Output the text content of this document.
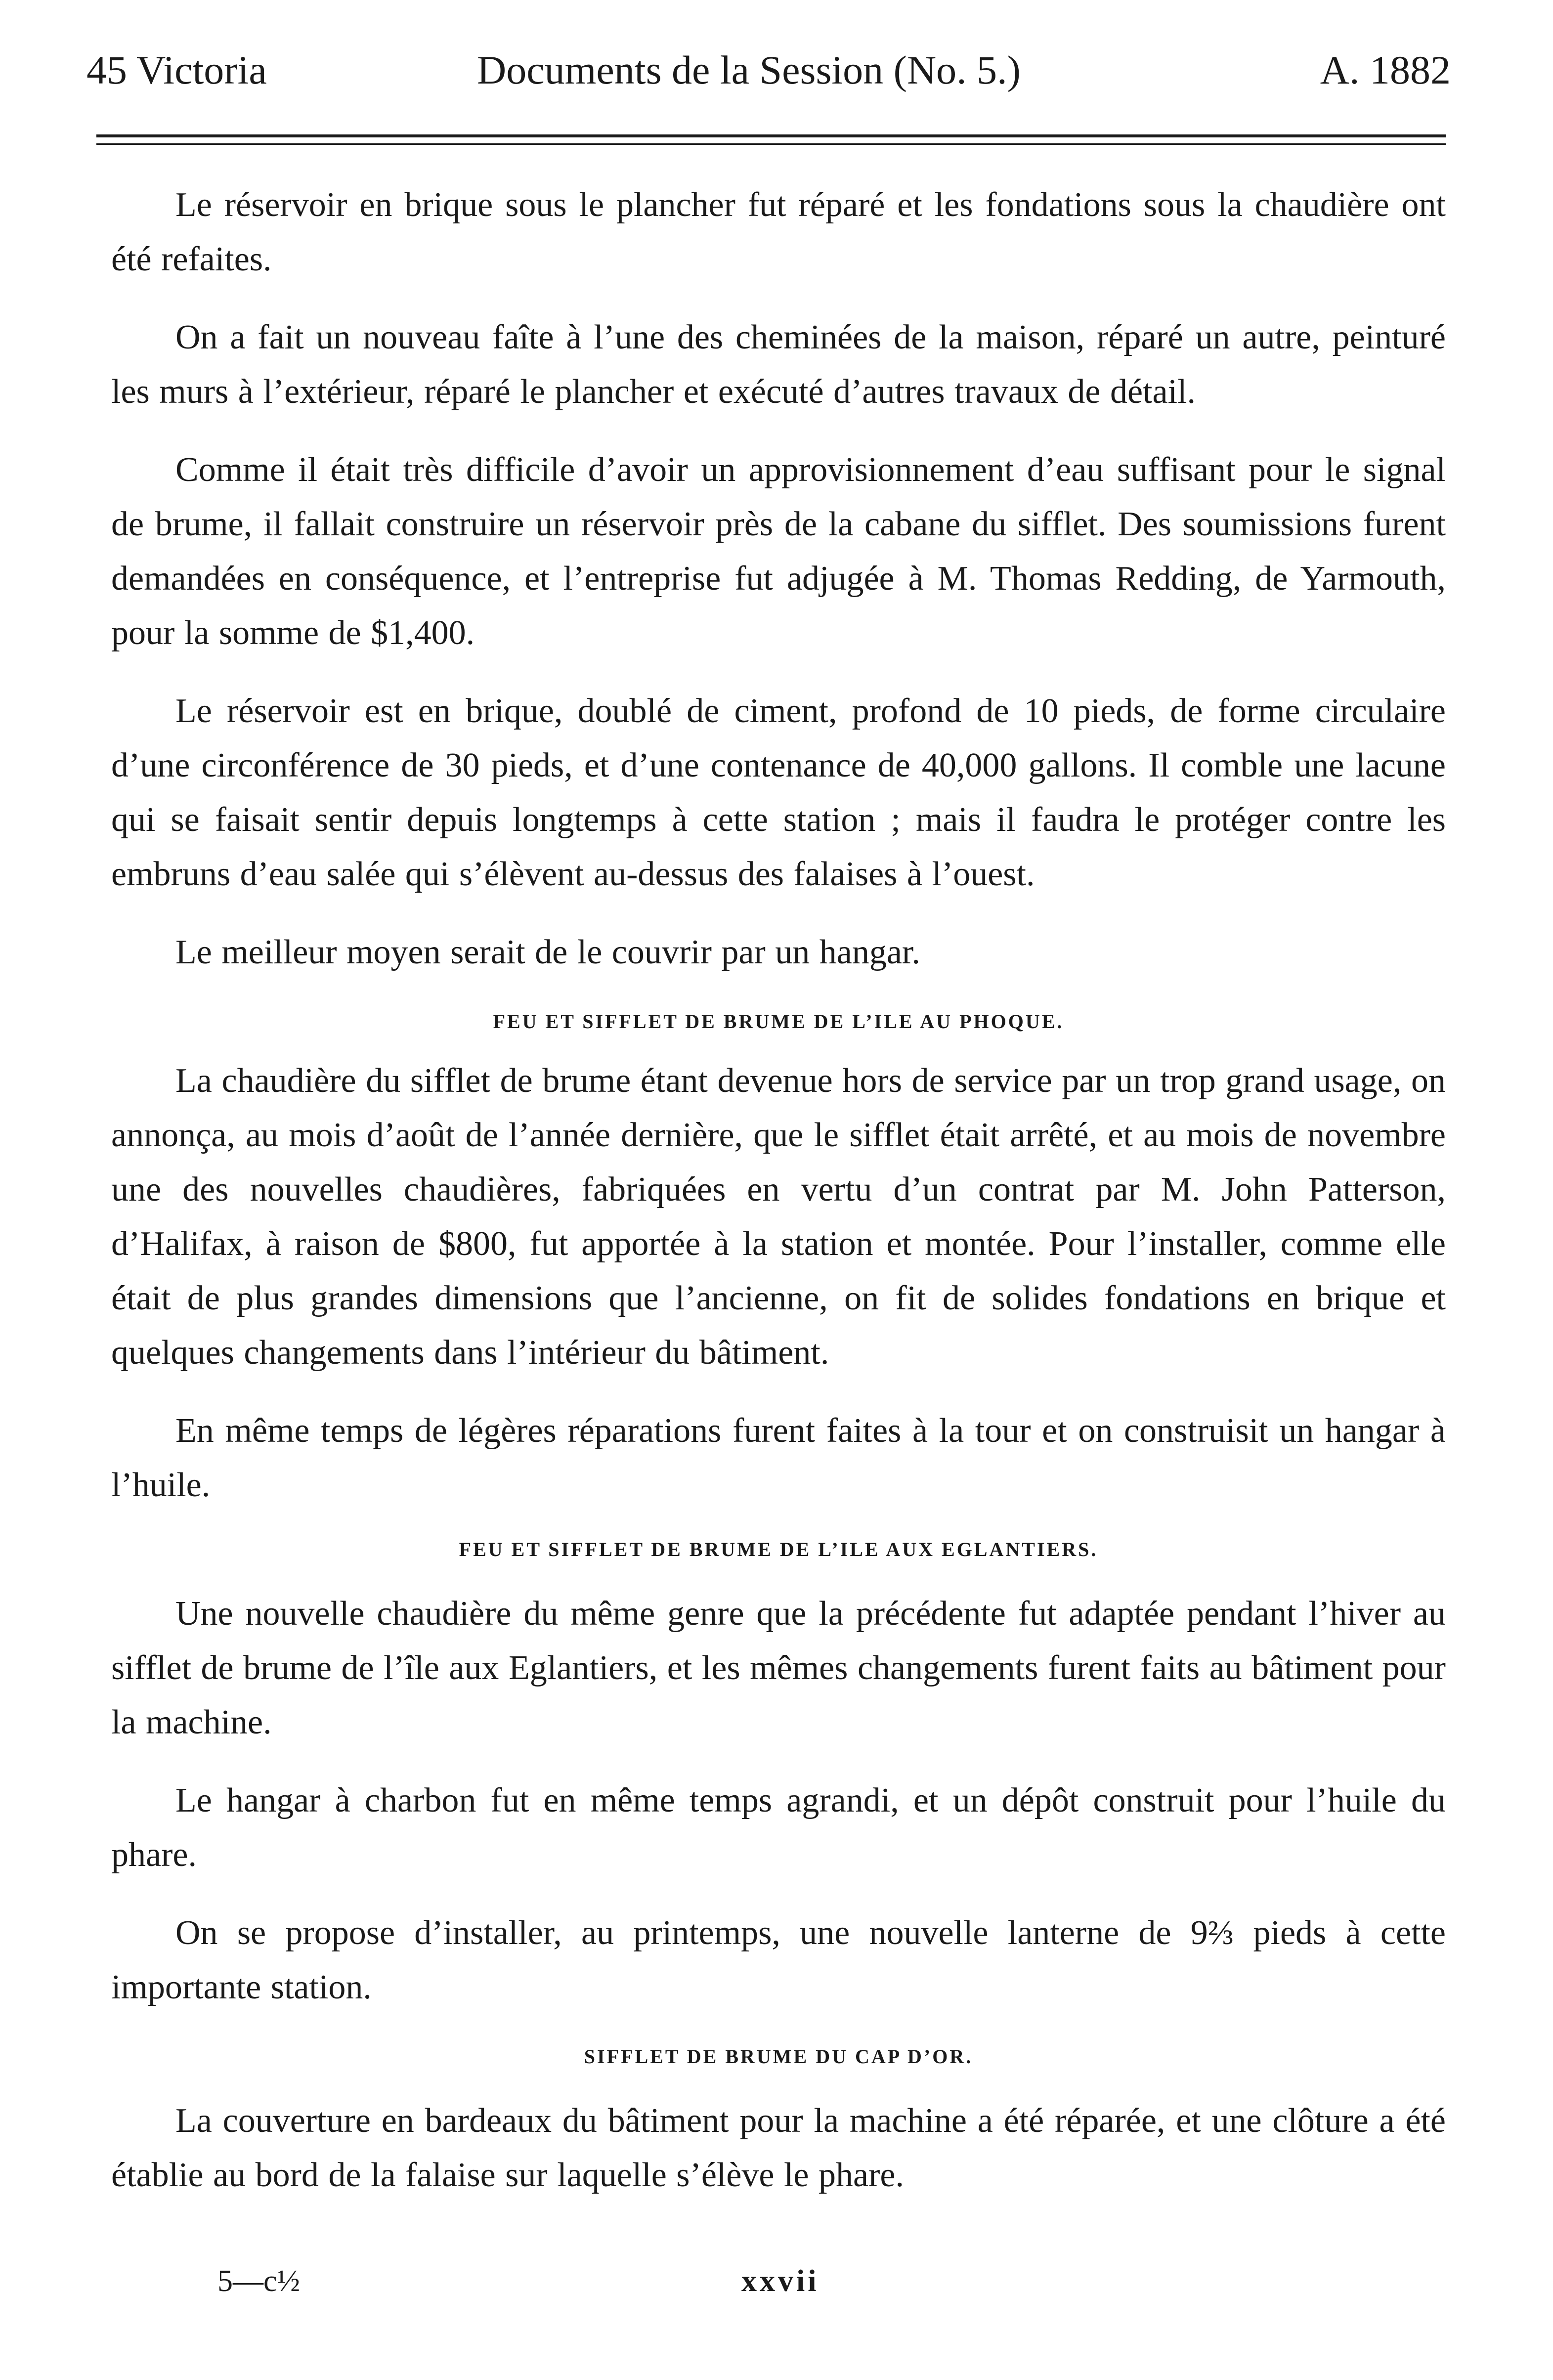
45 Victoria	Documents de la Session (No. 5.)	A. 1882

Le réservoir en brique sous le plancher fut réparé et les fondations sous la chaudière ont été refaites.

On a fait un nouveau faîte à l’une des cheminées de la maison, réparé un autre, peinturé les murs à l’extérieur, réparé le plancher et exécuté d’autres travaux de détail.

Comme il était très difficile d’avoir un approvisionnement d’eau suffisant pour le signal de brume, il fallait construire un réservoir près de la cabane du sifflet. Des soumissions furent demandées en conséquence, et l’entreprise fut adjugée à M. Thomas Redding, de Yarmouth, pour la somme de $1,400.

Le réservoir est en brique, doublé de ciment, profond de 10 pieds, de forme circulaire d’une circonférence de 30 pieds, et d’une contenance de 40,000 gallons. Il comble une lacune qui se faisait sentir depuis longtemps à cette station ; mais il faudra le protéger contre les embruns d’eau salée qui s’élèvent au-dessus des falaises à l’ouest.

Le meilleur moyen serait de le couvrir par un hangar.

FEU ET SIFFLET DE BRUME DE L’ILE AU PHOQUE.

La chaudière du sifflet de brume étant devenue hors de service par un trop grand usage, on annonça, au mois d’août de l’année dernière, que le sifflet était arrêté, et au mois de novembre une des nouvelles chaudières, fabriquées en vertu d’un contrat par M. John Patterson, d’Halifax, à raison de $800, fut apportée à la station et montée. Pour l’installer, comme elle était de plus grandes dimensions que l’ancienne, on fit de solides fondations en brique et quelques changements dans l’intérieur du bâtiment.

En même temps de légères réparations furent faites à la tour et on construisit un hangar à l’huile.

FEU ET SIFFLET DE BRUME DE L’ILE AUX EGLANTIERS.

Une nouvelle chaudière du même genre que la précédente fut adaptée pendant l’hiver au sifflet de brume de l’île aux Eglantiers, et les mêmes changements furent faits au bâtiment pour la machine.

Le hangar à charbon fut en même temps agrandi, et un dépôt construit pour l’huile du phare.

On se propose d’installer, au printemps, une nouvelle lanterne de 9⅔ pieds à cette importante station.

SIFFLET DE BRUME DU CAP D’OR.

La couverture en bardeaux du bâtiment pour la machine a été réparée, et une clôture a été établie au bord de la falaise sur laquelle s’élève le phare.

5—c½	xxvii
